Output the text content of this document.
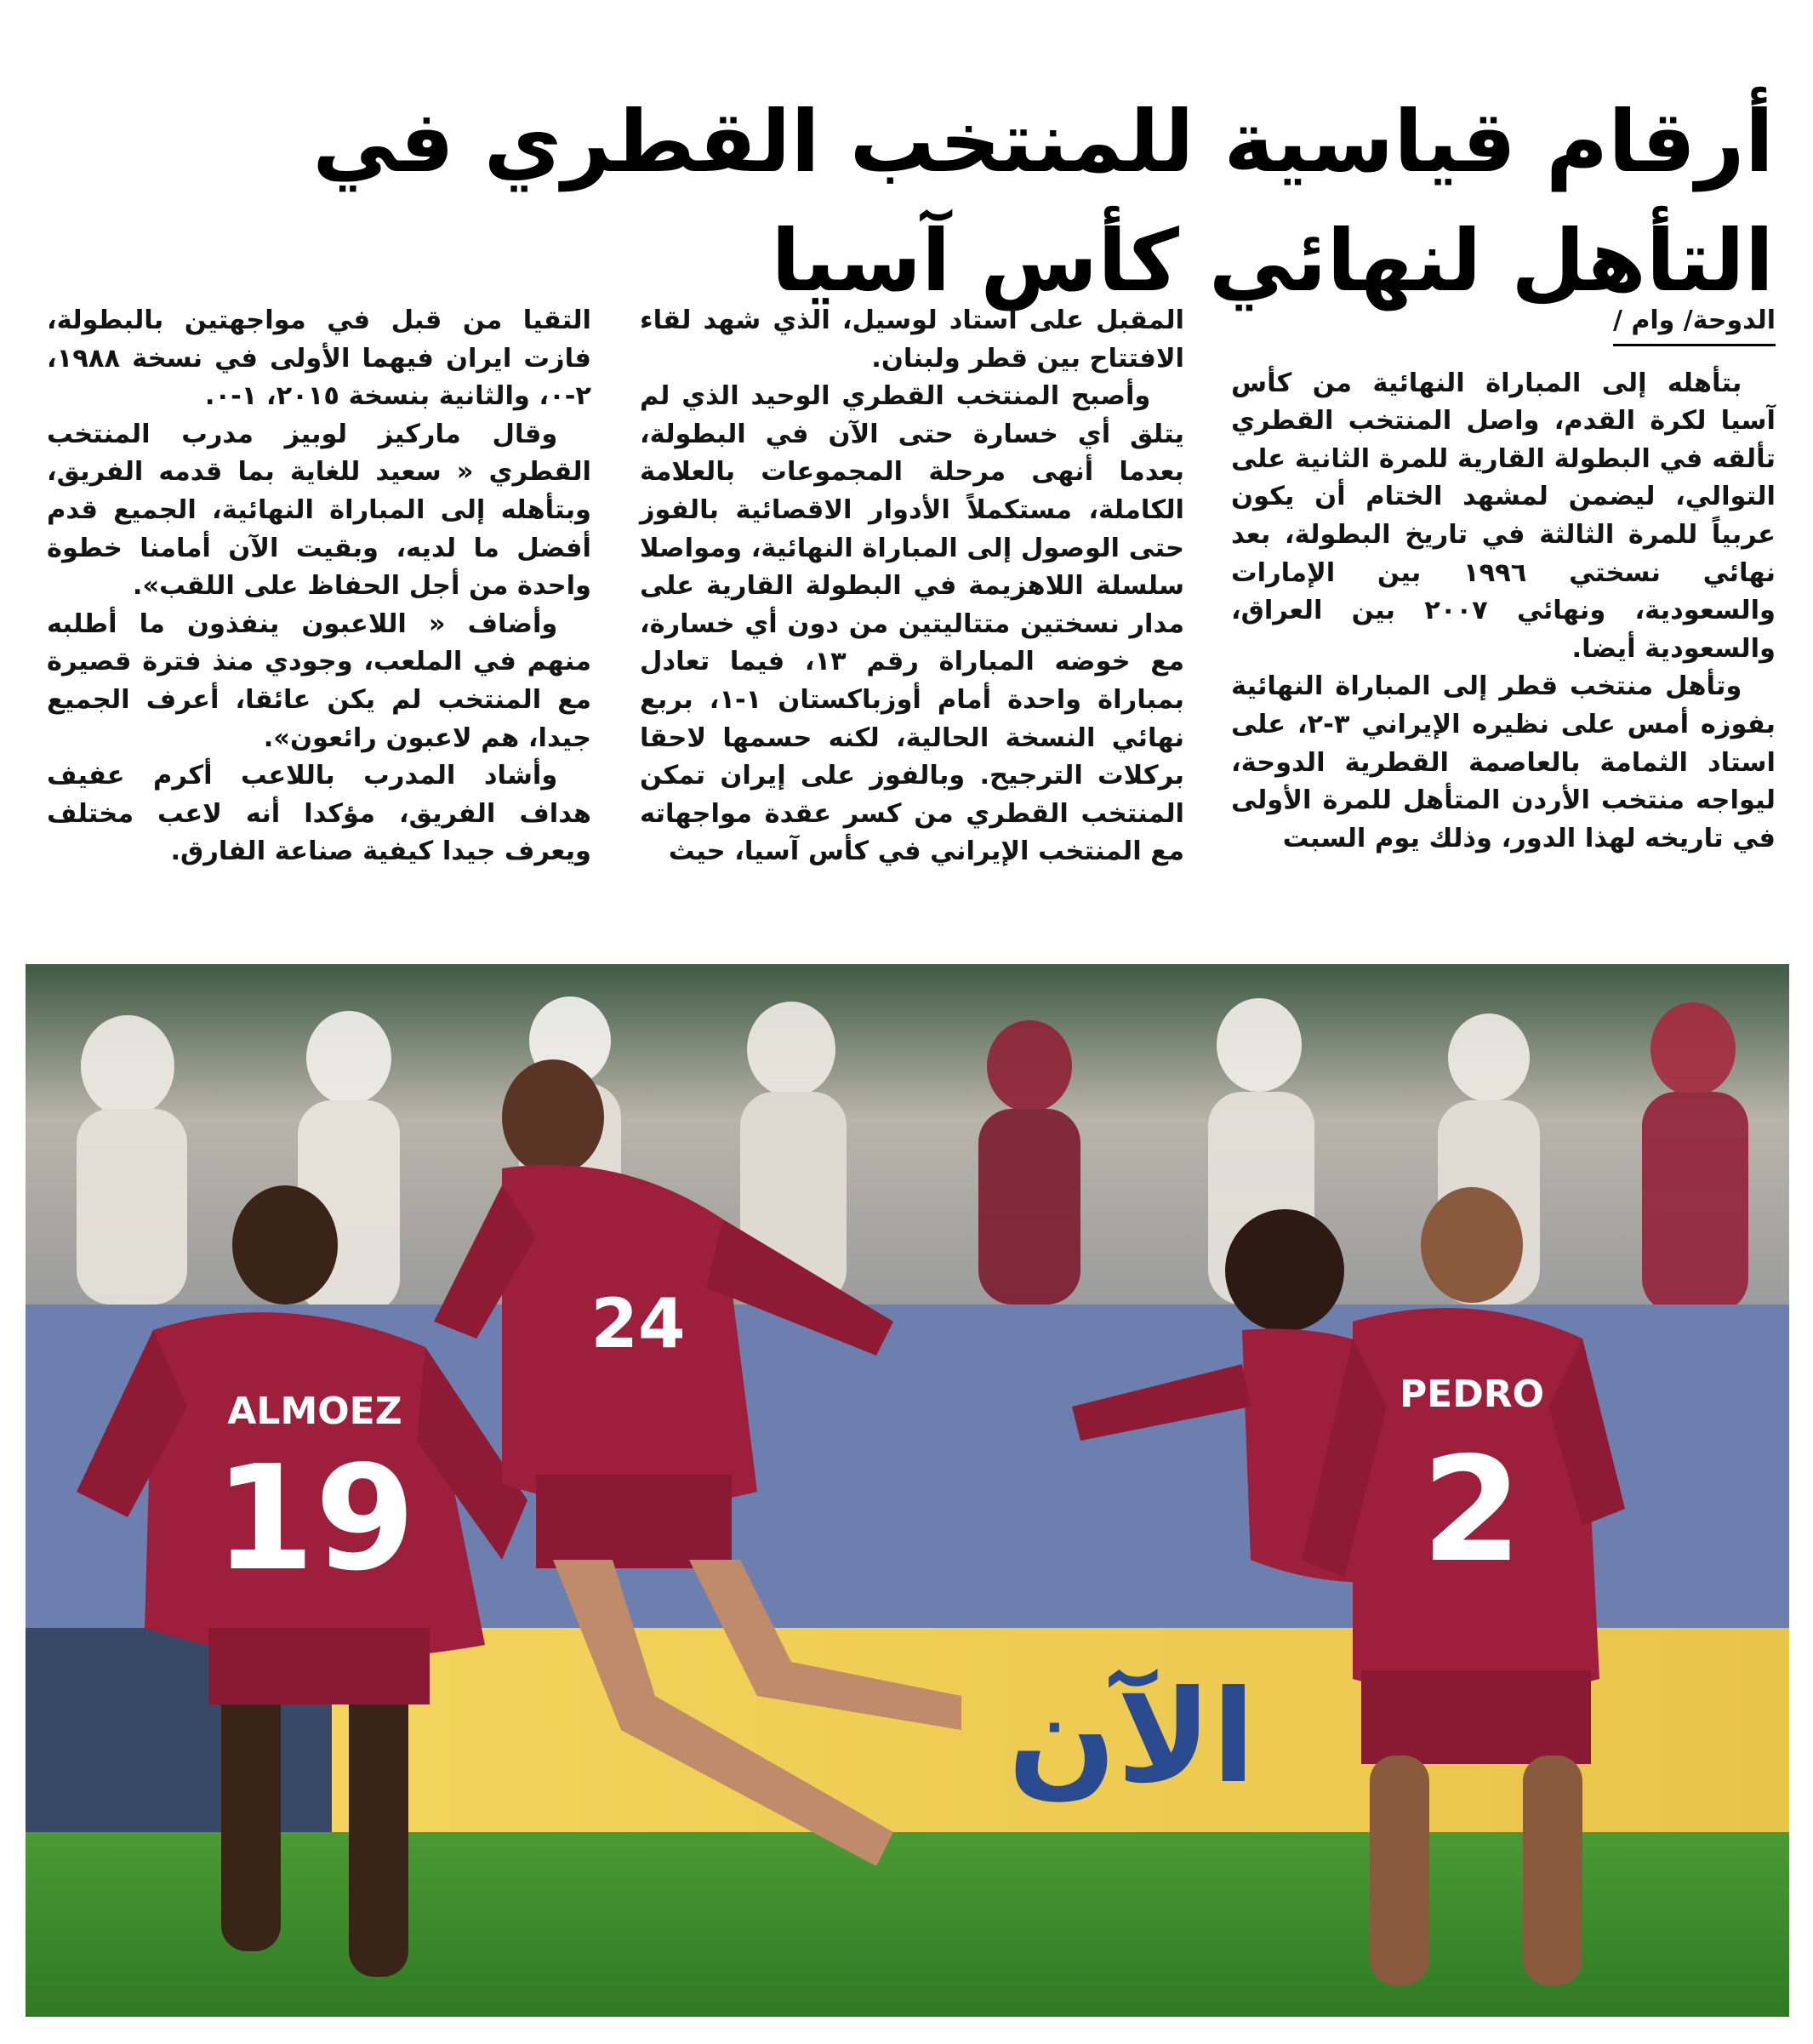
أرقام قياسية للمنتخب القطري في التأهل لنهائي كأس آسيا

الدوحة/ وام /

بتأهله إلى المباراة النهائية من كأس آسيا لكرة القدم، واصل المنتخب القطري تألقه في البطولة القارية للمرة الثانية على التوالي، ليضمن لمشهد الختام أن يكون عربياً للمرة الثالثة في تاريخ البطولة، بعد نهائي نسختي ١٩٩٦ بين الإمارات والسعودية، ونهائي ٢٠٠٧ بين العراق، والسعودية أيضا.

وتأهل منتخب قطر إلى المباراة النهائية بفوزه أمس على نظيره الإيراني ٣-٢، على استاد الثمامة بالعاصمة القطرية الدوحة، ليواجه منتخب الأردن المتأهل للمرة الأولى في تاريخه لهذا الدور، وذلك يوم السبت

المقبل على استاد لوسيل، الذي شهد لقاء الافتتاح بين قطر ولبنان.

وأصبح المنتخب القطري الوحيد الذي لم يتلق أي خسارة حتى الآن في البطولة، بعدما أنهى مرحلة المجموعات بالعلامة الكاملة، مستكملاً الأدوار الاقصائية بالفوز حتى الوصول إلى المباراة النهائية، ومواصلا سلسلة اللاهزيمة في البطولة القارية على مدار نسختين متتاليتين من دون أي خسارة، مع خوضه المباراة رقم ١٣، فيما تعادل بمباراة واحدة أمام أوزباكستان ١-١، بربع نهائي النسخة الحالية، لكنه حسمها لاحقا بركلات الترجيح. وبالفوز على إيران تمكن المنتخب القطري من كسر عقدة مواجهاته مع المنتخب الإيراني في كأس آسيا، حيث

التقيا من قبل في مواجهتين بالبطولة، فازت ايران فيهما الأولى في نسخة ١٩٨٨، ٢-٠، والثانية بنسخة ٢٠١٥، ١-٠.

وقال ماركيز لوبيز مدرب المنتخب القطري « سعيد للغاية بما قدمه الفريق، وبتأهله إلى المباراة النهائية، الجميع قدم أفضل ما لديه، وبقيت الآن أمامنا خطوة واحدة من أجل الحفاظ على اللقب».

وأضاف « اللاعبون ينفذون ما أطلبه منهم في الملعب، وجودي منذ فترة قصيرة مع المنتخب لم يكن عائقا، أعرف الجميع جيدا، هم لاعبون رائعون».

وأشاد المدرب باللاعب أكرم عفيف هداف الفريق، مؤكدا أنه لاعب مختلف ويعرف جيدا كيفية صناعة الفارق.

الآن
ALMOEZ
19
24
PEDRO
2
